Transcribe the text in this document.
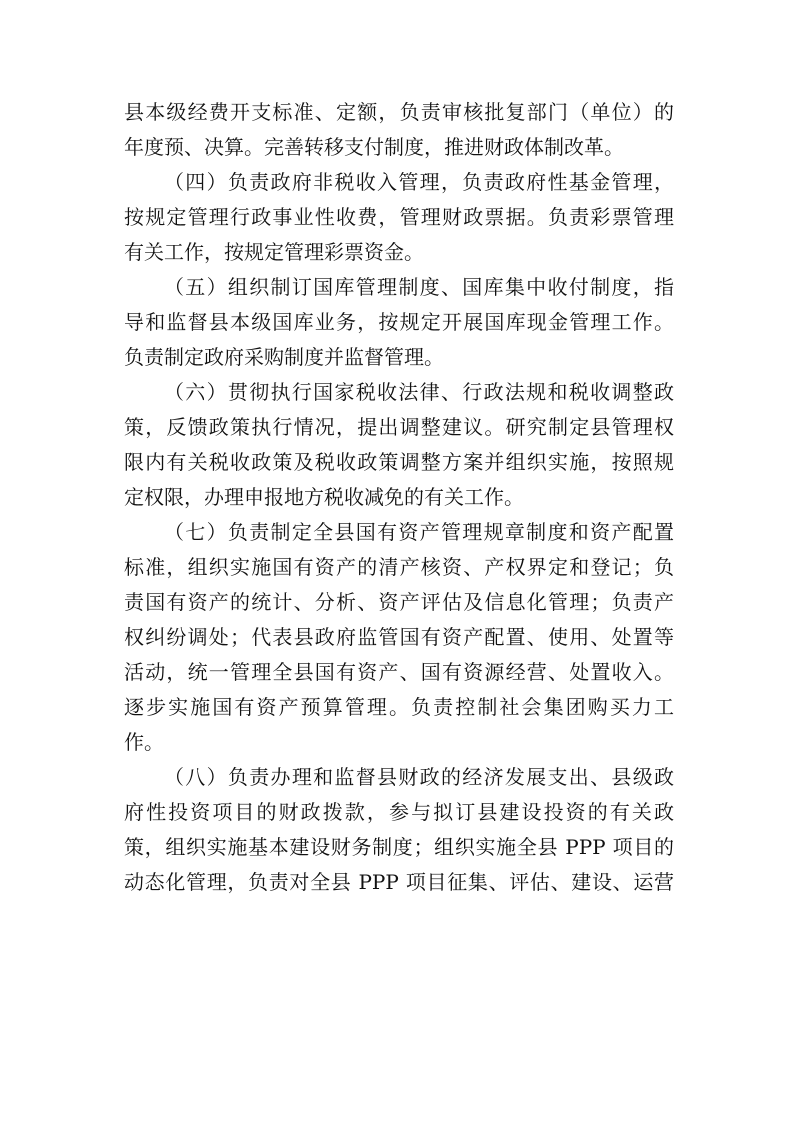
县本级经费开支标准、定额，负责审核批复部门（单位）的
年度预、决算。完善转移支付制度，推进财政体制改革。
（四）负责政府非税收入管理，负责政府性基金管理，
按规定管理行政事业性收费，管理财政票据。负责彩票管理
有关工作，按规定管理彩票资金。
（五）组织制订国库管理制度、国库集中收付制度，指
导和监督县本级国库业务，按规定开展国库现金管理工作。
负责制定政府采购制度并监督管理。
（六）贯彻执行国家税收法律、行政法规和税收调整政
策，反馈政策执行情况，提出调整建议。研究制定县管理权
限内有关税收政策及税收政策调整方案并组织实施，按照规
定权限，办理申报地方税收减免的有关工作。
（七）负责制定全县国有资产管理规章制度和资产配置
标准，组织实施国有资产的清产核资、产权界定和登记；负
责国有资产的统计、分析、资产评估及信息化管理；负责产
权纠纷调处；代表县政府监管国有资产配置、使用、处置等
活动，统一管理全县国有资产、国有资源经营、处置收入。
逐步实施国有资产预算管理。负责控制社会集团购买力工
作。
（八）负责办理和监督县财政的经济发展支出、县级政
府性投资项目的财政拨款，参与拟订县建设投资的有关政
策，组织实施基本建设财务制度；组织实施全县 PPP 项目的
动态化管理，负责对全县 PPP 项目征集、评估、建设、运营
